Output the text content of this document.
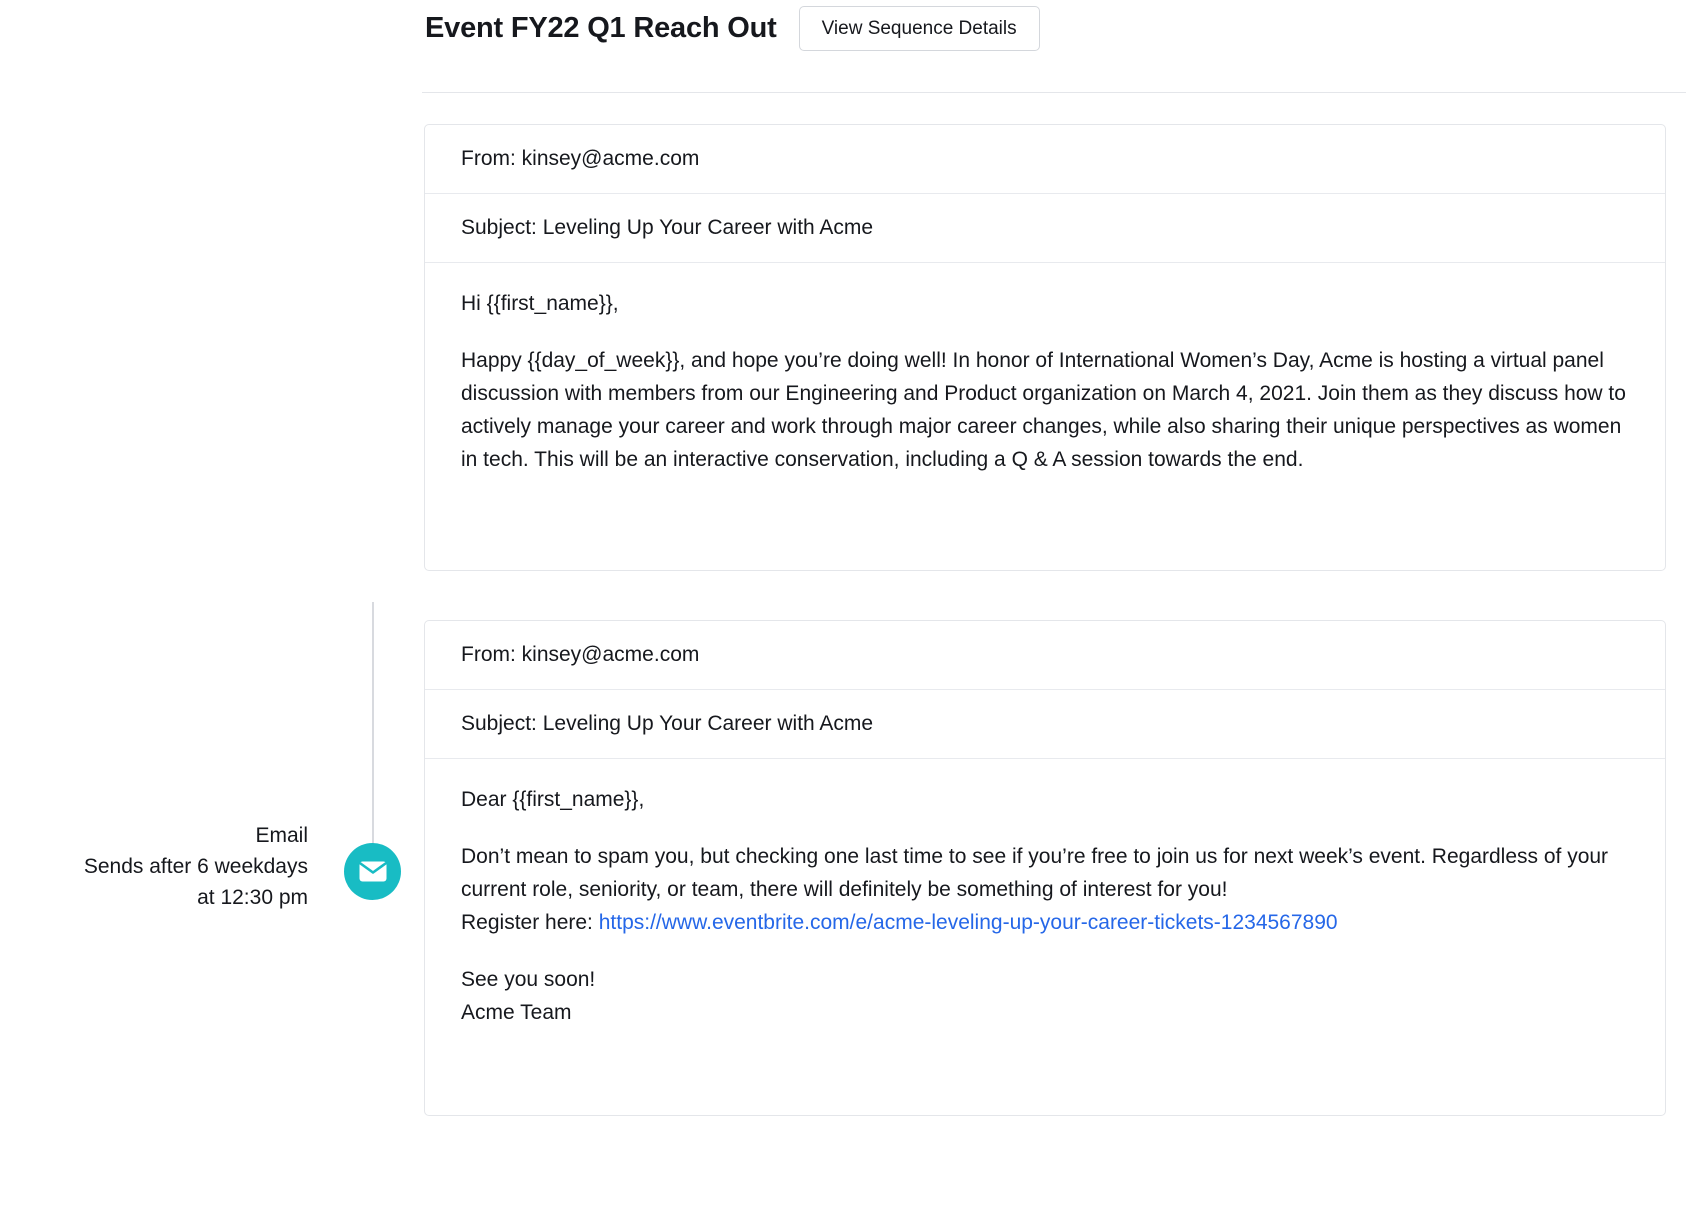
Event FY22 Q1 Reach Out	View Sequence Details
Email
Sends after 6 weekdays
at 12:30 pm
From: kinsey@acme.com
Subject: Leveling Up Your Career with Acme

Hi {{first_name}},

Happy {{day_of_week}}, and hope you’re doing well! In honor of International Women’s Day, Acme is hosting a virtual panel discussion with members from our Engineering and Product organization on March 4, 2021. Join them as they discuss how to actively manage your career and work through major career changes, while also sharing their unique perspectives as women in tech. This will be an interactive conservation, including a Q & A session towards the end.

From: kinsey@acme.com
Subject: Leveling Up Your Career with Acme

Dear {{first_name}},

Don’t mean to spam you, but checking one last time to see if you’re free to join us for next week’s event. Regardless of your current role, seniority, or team, there will definitely be something of interest for you!

Register here: https://www.eventbrite.com/e/acme-leveling-up-your-career-tickets-1234567890

See you soon!

Acme Team
